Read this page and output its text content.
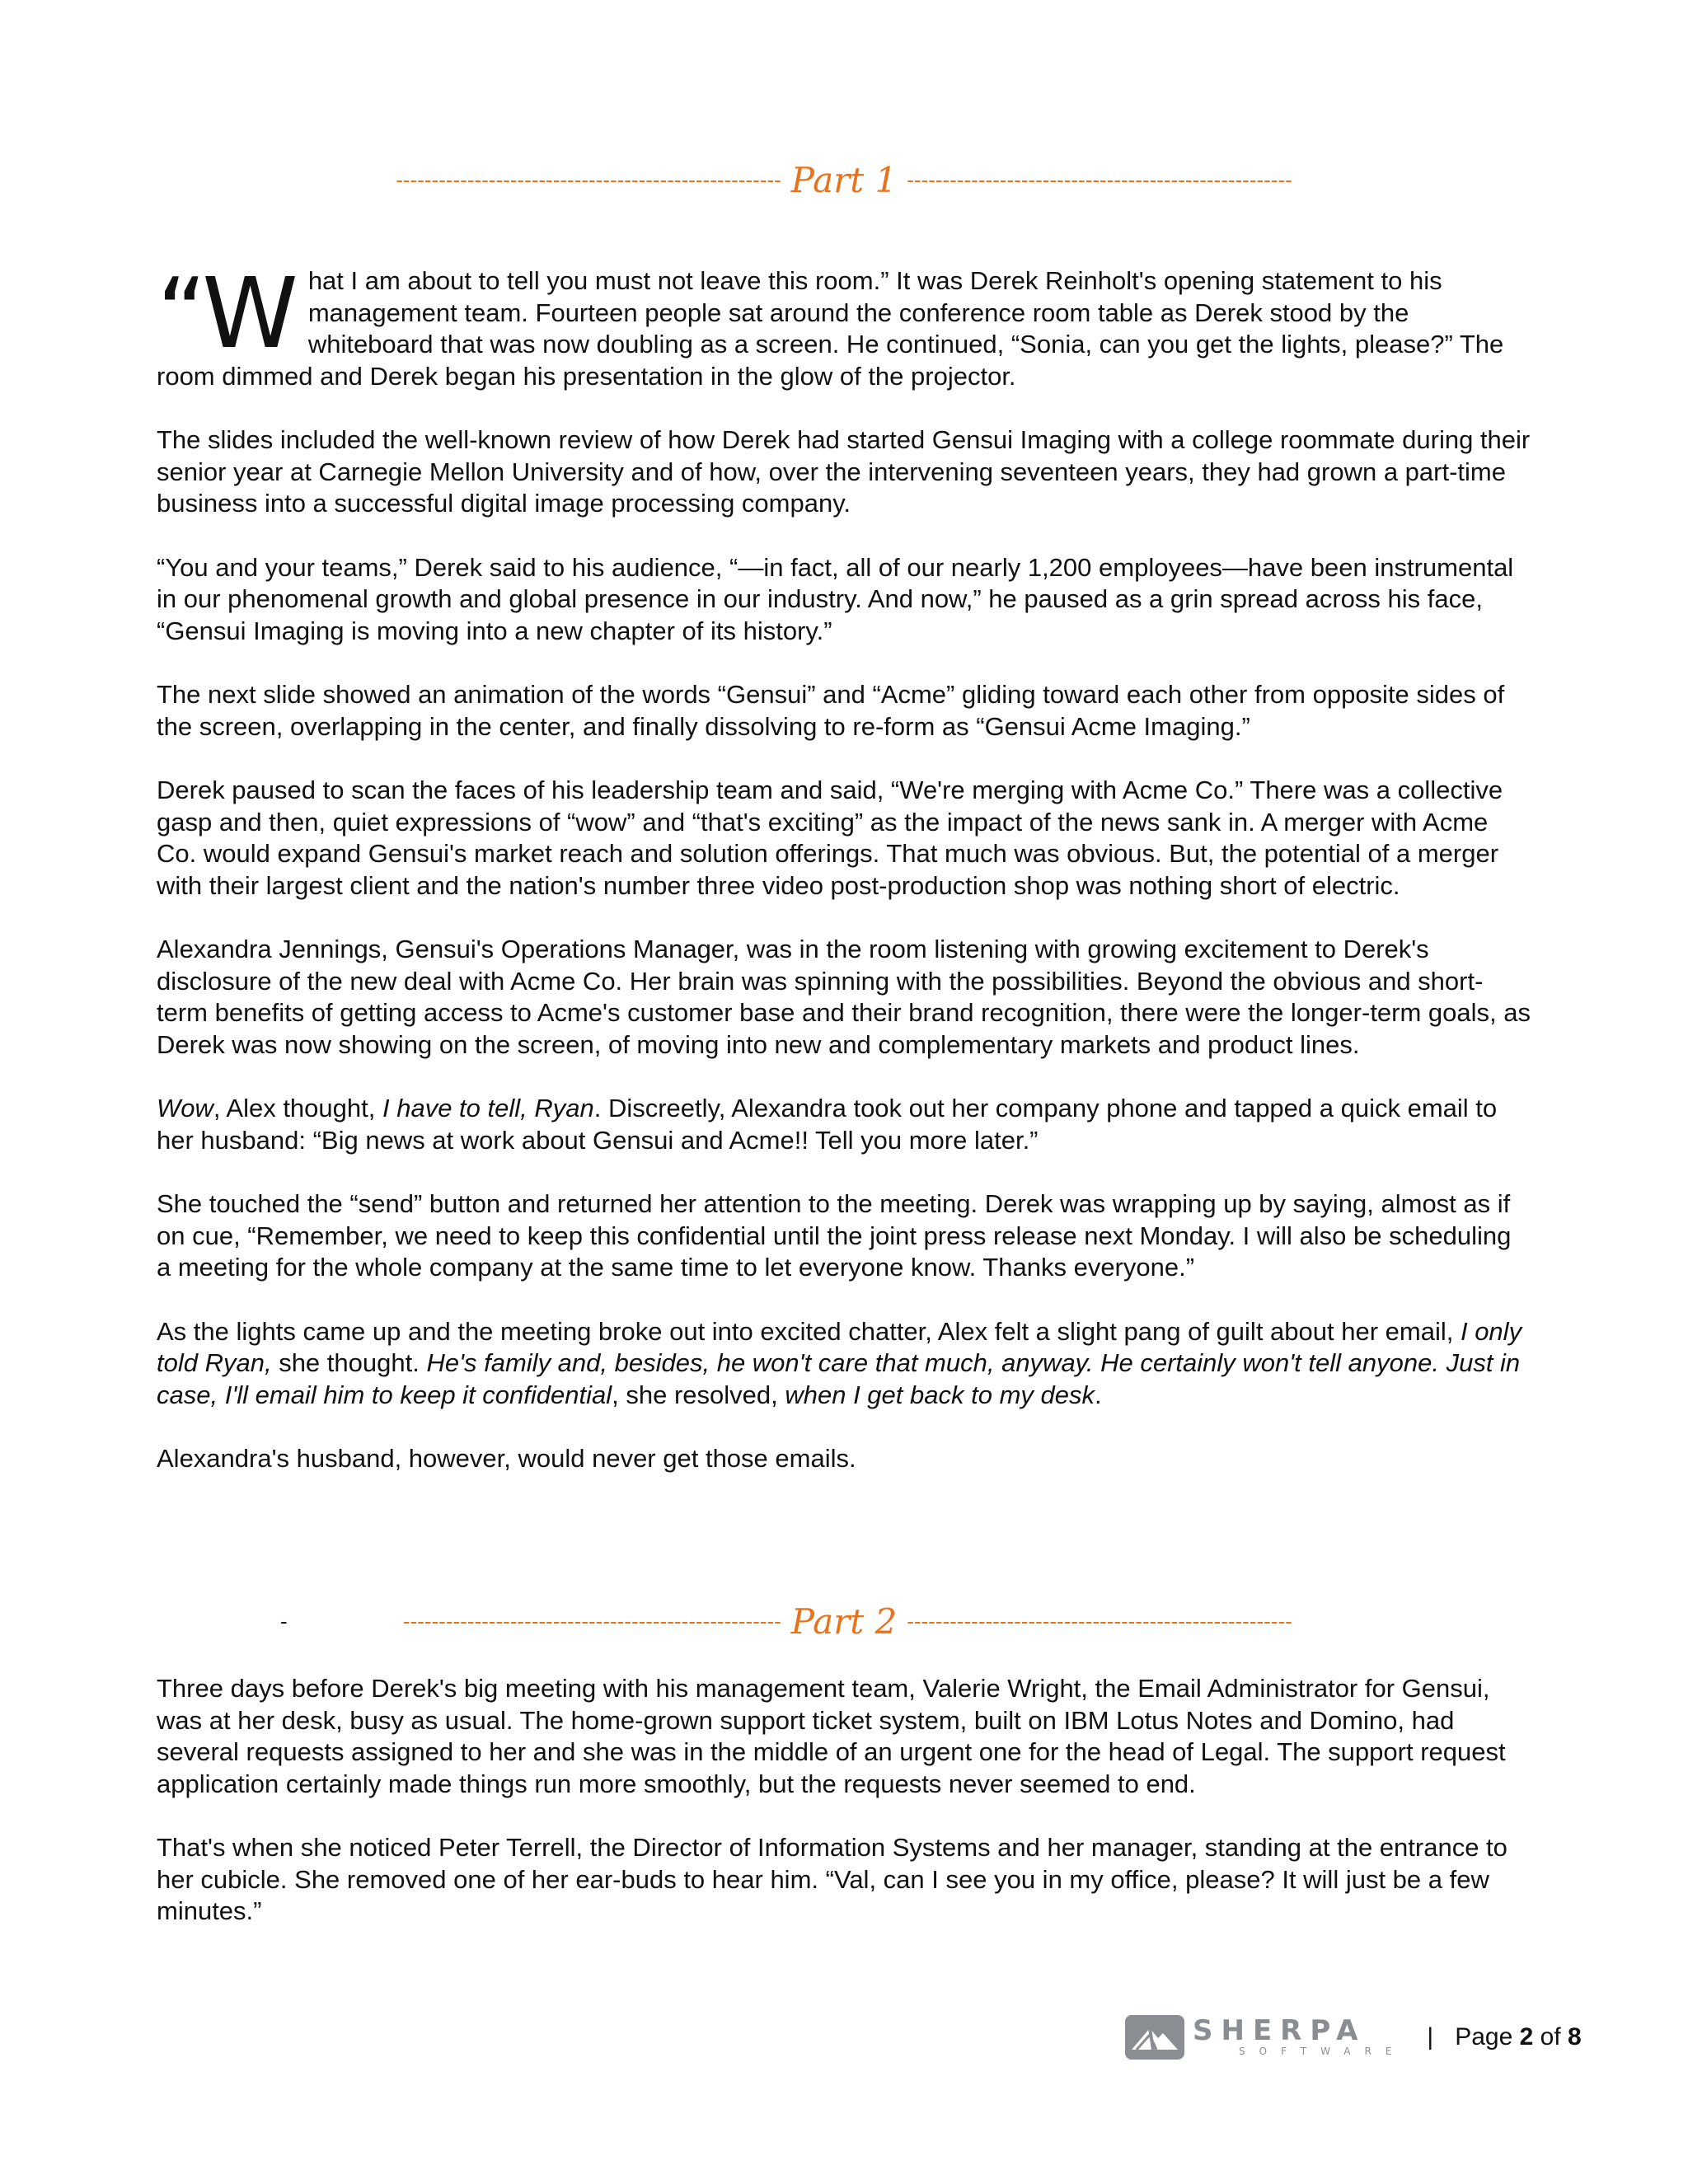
------------------------------------------------------ Part 1 ------------------------------------------------------

“What I am about to tell you must not leave this room.” It was Derek Reinholt's opening statement to his management team. Fourteen people sat around the conference room table as Derek stood by the whiteboard that was now doubling as a screen. He continued, “Sonia, can you get the lights, please?” The room dimmed and Derek began his presentation in the glow of the projector.

The slides included the well-known review of how Derek had started Gensui Imaging with a college roommate during their senior year at Carnegie Mellon University and of how, over the intervening seventeen years, they had grown a part-time business into a successful digital image processing company.

“You and your teams,” Derek said to his audience, “—in fact, all of our nearly 1,200 employees—have been instrumental in our phenomenal growth and global presence in our industry. And now,” he paused as a grin spread across his face, “Gensui Imaging is moving into a new chapter of its history.”

The next slide showed an animation of the words “Gensui” and “Acme” gliding toward each other from opposite sides of the screen, overlapping in the center, and finally dissolving to re-form as “Gensui Acme Imaging.”

Derek paused to scan the faces of his leadership team and said, “We're merging with Acme Co.” There was a collective gasp and then, quiet expressions of “wow” and “that's exciting” as the impact of the news sank in. A merger with Acme Co. would expand Gensui's market reach and solution offerings. That much was obvious. But, the potential of a merger with their largest client and the nation's number three video post-production shop was nothing short of electric.

Alexandra Jennings, Gensui's Operations Manager, was in the room listening with growing excitement to Derek's disclosure of the new deal with Acme Co. Her brain was spinning with the possibilities. Beyond the obvious and short-term benefits of getting access to Acme's customer base and their brand recognition, there were the longer-term goals, as Derek was now showing on the screen, of moving into new and complementary markets and product lines.

Wow, Alex thought, I have to tell, Ryan. Discreetly, Alexandra took out her company phone and tapped a quick email to her husband: “Big news at work about Gensui and Acme!! Tell you more later.”

She touched the “send” button and returned her attention to the meeting. Derek was wrapping up by saying, almost as if on cue, “Remember, we need to keep this confidential until the joint press release next Monday. I will also be scheduling a meeting for the whole company at the same time to let everyone know. Thanks everyone.”

As the lights came up and the meeting broke out into excited chatter, Alex felt a slight pang of guilt about her email, I only told Ryan, she thought. He's family and, besides, he won't care that much, anyway. He certainly won't tell anyone. Just in case, I'll email him to keep it confidential, she resolved, when I get back to my desk.

Alexandra's husband, however, would never get those emails.

-	----------------------------------------------------- Part 2 ------------------------------------------------------

Three days before Derek's big meeting with his management team, Valerie Wright, the Email Administrator for Gensui, was at her desk, busy as usual. The home-grown support ticket system, built on IBM Lotus Notes and Domino, had several requests assigned to her and she was in the middle of an urgent one for the head of Legal. The support request application certainly made things run more smoothly, but the requests never seemed to end.

That's when she noticed Peter Terrell, the Director of Information Systems and her manager, standing at the entrance to her cubicle. She removed one of her ear-buds to hear him. “Val, can I see you in my office, please? It will just be a few minutes.”

SHERPA
SOFTWARE
| Page 2 of 8
